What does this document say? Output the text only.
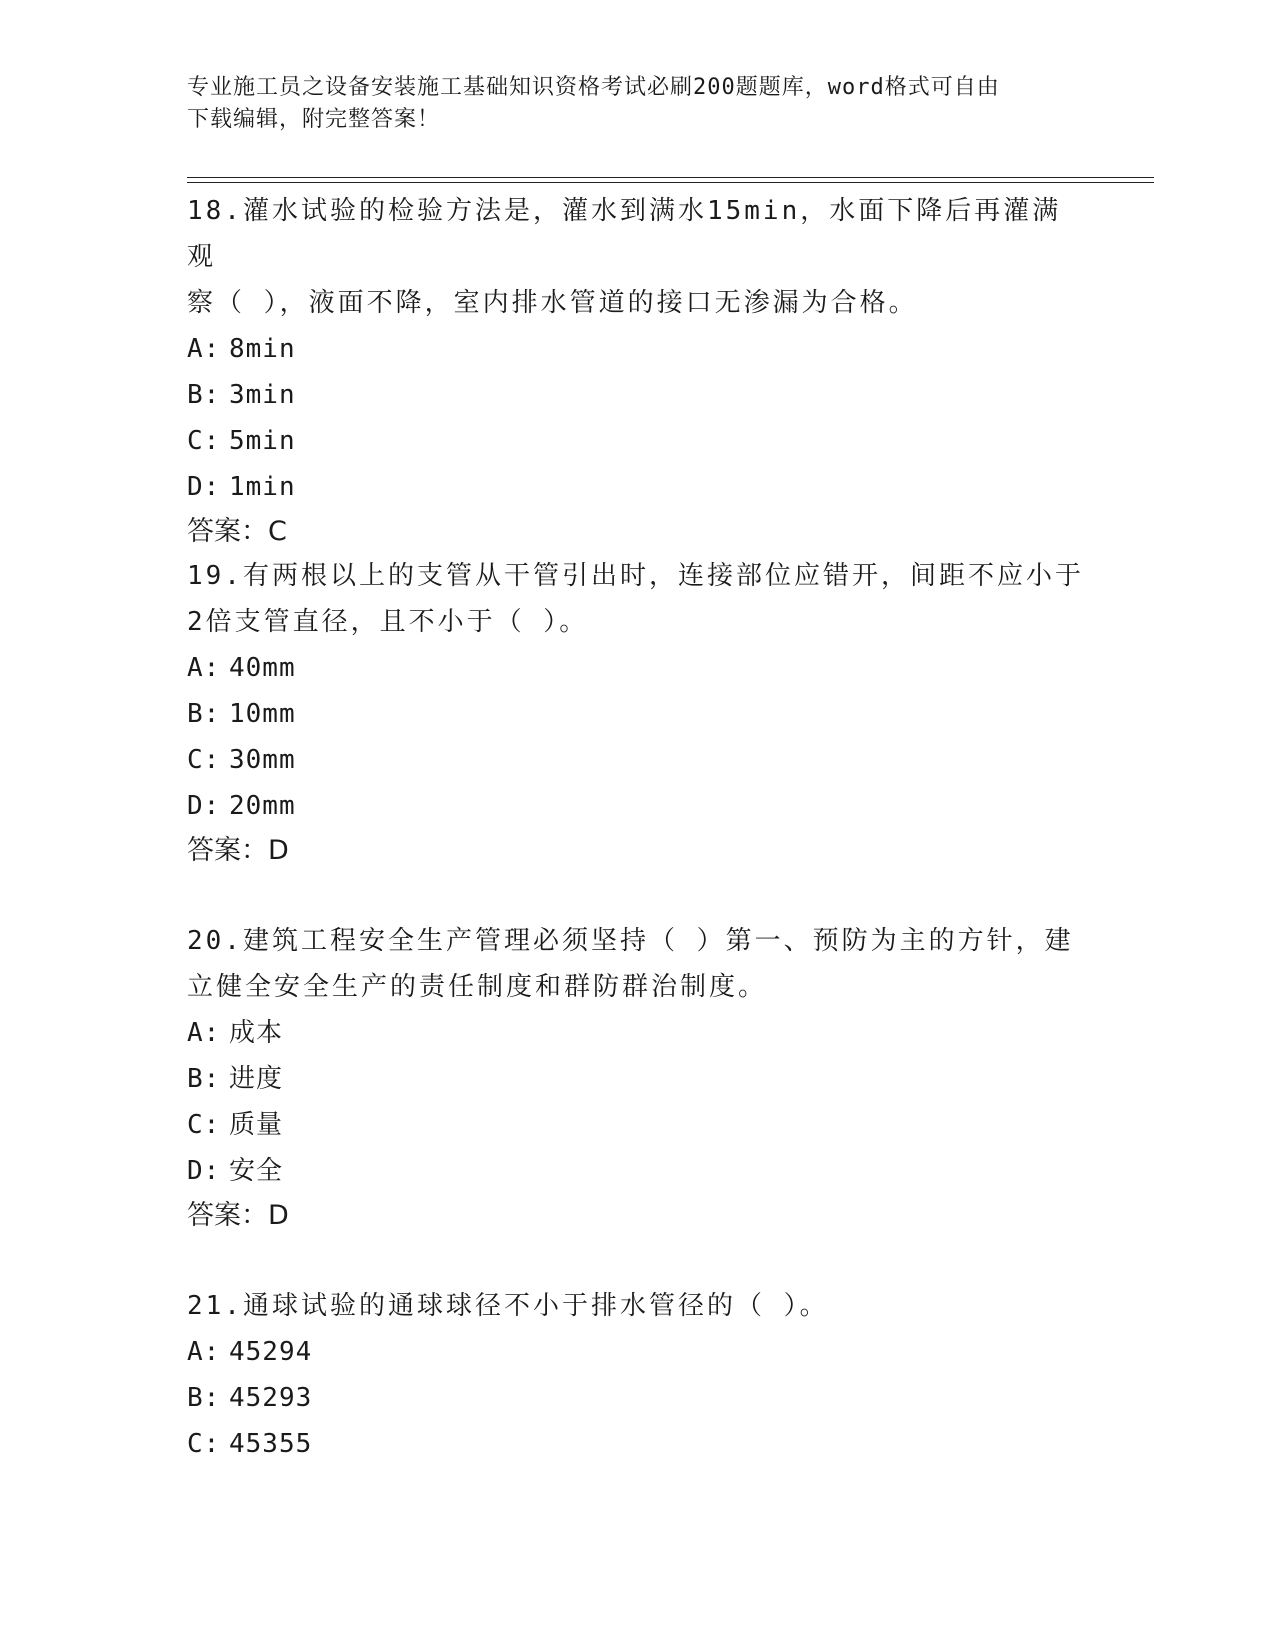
专业施工员之设备安装施工基础知识资格考试必刷200题题库，word格式可自由
下载编辑，附完整答案！

18.灌水试验的检验方法是，灌水到满水15min，水面下降后再灌满观

察（ ），液面不降，室内排水管道的接口无渗漏为合格。

A: 8min

B: 3min

C: 5min

D: 1min

答案：C

19.有两根以上的支管从干管引出时，连接部位应错开，间距不应小于

2倍支管直径，且不小于（ ）。

A: 40mm

B: 10mm

C: 30mm

D: 20mm

答案：D

20.建筑工程安全生产管理必须坚持（ ）第一、预防为主的方针，建

立健全安全生产的责任制度和群防群治制度。

A: 成本

B: 进度

C: 质量

D: 安全

答案：D

21.通球试验的通球球径不小于排水管径的（ ）。

A: 45294

B: 45293

C: 45355
